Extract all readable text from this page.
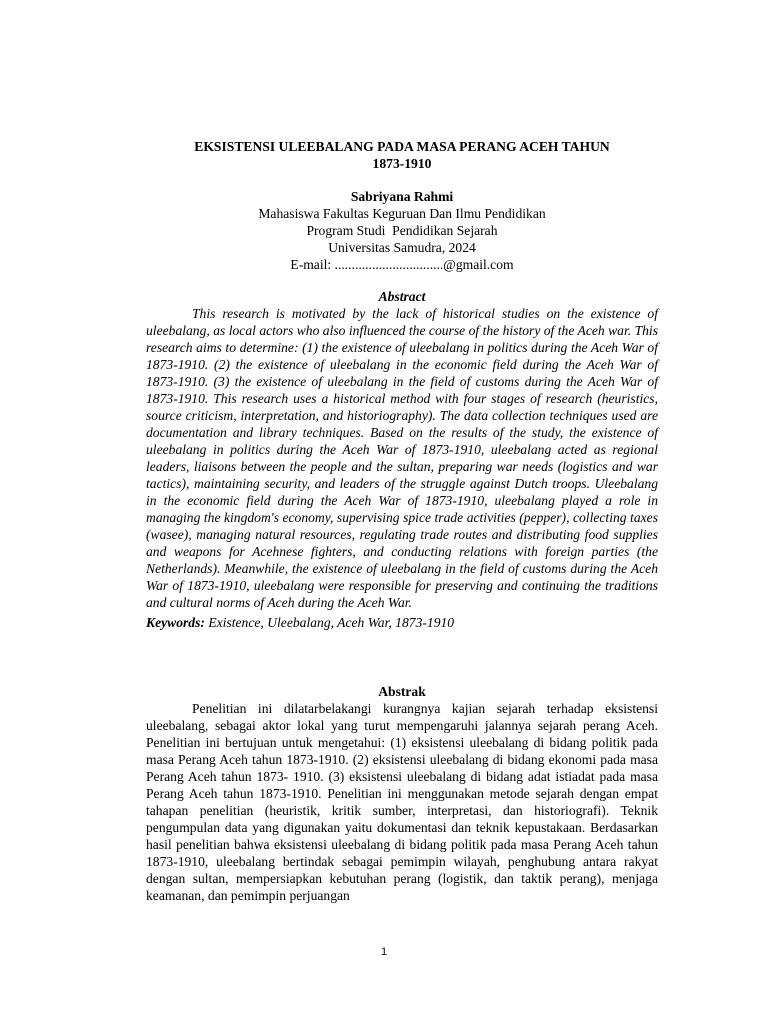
EKSISTENSI ULEEBALANG PADA MASA PERANG ACEH TAHUN
1873-1910
Sabriyana Rahmi
Mahasiswa Fakultas Keguruan Dan Ilmu Pendidikan
Program Studi  Pendidikan Sejarah
Universitas Samudra, 2024
E-mail: ................................@gmail.com
Abstract

This research is motivated by the lack of historical studies on the existence of uleebalang, as local actors who also influenced the course of the history of the Aceh war. This research aims to determine: (1) the existence of uleebalang in politics during the Aceh War of 1873-1910. (2) the existence of uleebalang in the economic field during the Aceh War of 1873-1910. (3) the existence of uleebalang in the field of customs during the Aceh War of 1873-1910. This research uses a historical method with four stages of research (heuristics, source criticism, interpretation, and historiography). The data collection techniques used are documentation and library techniques. Based on the results of the study, the existence of uleebalang in politics during the Aceh War of 1873-1910, uleebalang acted as regional leaders, liaisons between the people and the sultan, preparing war needs (logistics and war tactics), maintaining security, and leaders of the struggle against Dutch troops. Uleebalang in the economic field during the Aceh War of 1873-1910, uleebalang played a role in managing the kingdom's economy, supervising spice trade activities (pepper), collecting taxes (wasee), managing natural resources, regulating trade routes and distributing food supplies and weapons for Acehnese fighters, and conducting relations with foreign parties (the Netherlands). Meanwhile, the existence of uleebalang in the field of customs during the Aceh War of 1873-1910, uleebalang were responsible for preserving and continuing the traditions and cultural norms of Aceh during the Aceh War.

Keywords: Existence, Uleebalang, Aceh War, 1873-1910
Abstrak

Penelitian ini dilatarbelakangi kurangnya kajian sejarah terhadap eksistensi uleebalang, sebagai aktor lokal yang turut mempengaruhi jalannya sejarah perang Aceh. Penelitian ini bertujuan untuk mengetahui: (1) eksistensi uleebalang di bidang politik pada masa Perang Aceh tahun 1873-1910. (2) eksistensi uleebalang di bidang ekonomi pada masa Perang Aceh tahun 1873- 1910. (3) eksistensi uleebalang di bidang adat istiadat pada masa Perang Aceh tahun 1873-1910. Penelitian ini menggunakan metode sejarah dengan empat tahapan penelitian (heuristik, kritik sumber, interpretasi, dan historiografi). Teknik pengumpulan data yang digunakan yaitu dokumentasi dan teknik kepustakaan. Berdasarkan hasil penelitian bahwa eksistensi uleebalang di bidang politik pada masa Perang Aceh tahun 1873-1910, uleebalang bertindak sebagai pemimpin wilayah, penghubung antara rakyat dengan sultan, mempersiapkan kebutuhan perang (logistik, dan taktik perang), menjaga keamanan, dan pemimpin perjuangan

1
